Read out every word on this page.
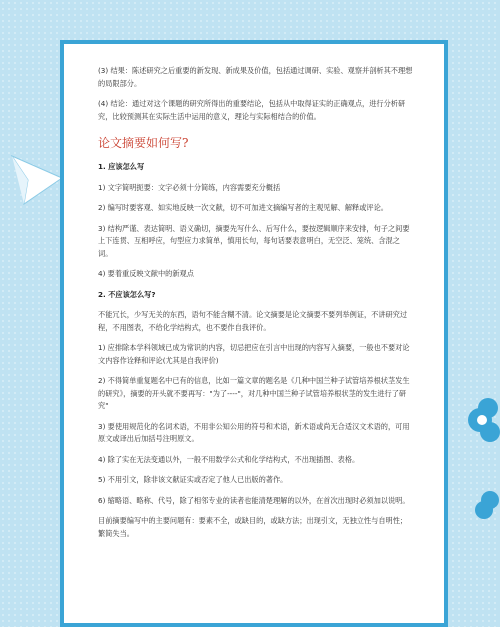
(3) 结果：陈述研究之后重要的新发现、新成果及价值，包括通过调研、实验、观察并剖析其不理想的局限部分。

(4) 结论：通过对这个课题的研究所得出的重要结论，包括从中取得证实的正确观点，进行分析研究，比较预测其在实际生活中运用的意义，理论与实际相结合的价值。

论文摘要如何写?

1. 应该怎么写

1) 文字简明扼要：文字必须十分简练，内容需要充分概括

2) 编写时要客观、如实地反映一次文献，切不可加进文摘编写者的主观见解、解释或评论。

3) 结构严谨、表达简明、语义确切，摘要先写什么、后写什么，要按逻辑顺序来安排，句子之间要上下连贯、互相呼应，句型应力求简单，慎用长句，每句话要表意明白，无空泛、笼统、含混之词。

4) 要着重反映文献中的新观点

2. 不应该怎么写?

不能冗长，少写无关的东西，语句不能含糊不清。论文摘要是论文摘要不要列举例证，不讲研究过程，不用图表，不给化学结构式，也不要作自我评价。

1) 应排除本学科领域已成为常识的内容，切忌把应在引言中出现的内容写入摘要，一般也不要对论文内容作诠释和评论(尤其是自我评价)

2) 不得简单重复题名中已有的信息，比如一篇文章的题名是《几种中国兰种子试管培养根状茎发生的研究》，摘要的开头就不要再写："为了----"，对几种中国兰种子试管培养根状茎的发生进行了研究"

3) 要使用规范化的名词术语，不用非公知公用的符号和术语，新术语或尚无合适汉文术语的，可用原文或译出后加括号注明原文。

4) 除了实在无法变通以外，一般不用数学公式和化学结构式，不出现插图、表格。

5) 不用引文，除非该文献证实或否定了他人已出版的著作。

6) 缩略语、略称、代号，除了相邻专业的读者也能清楚理解的以外，在首次出现时必须加以说明。

目前摘要编写中的主要问题有：要素不全，或缺目的，或缺方法；出现引文，无独立性与自明性；繁简失当。
